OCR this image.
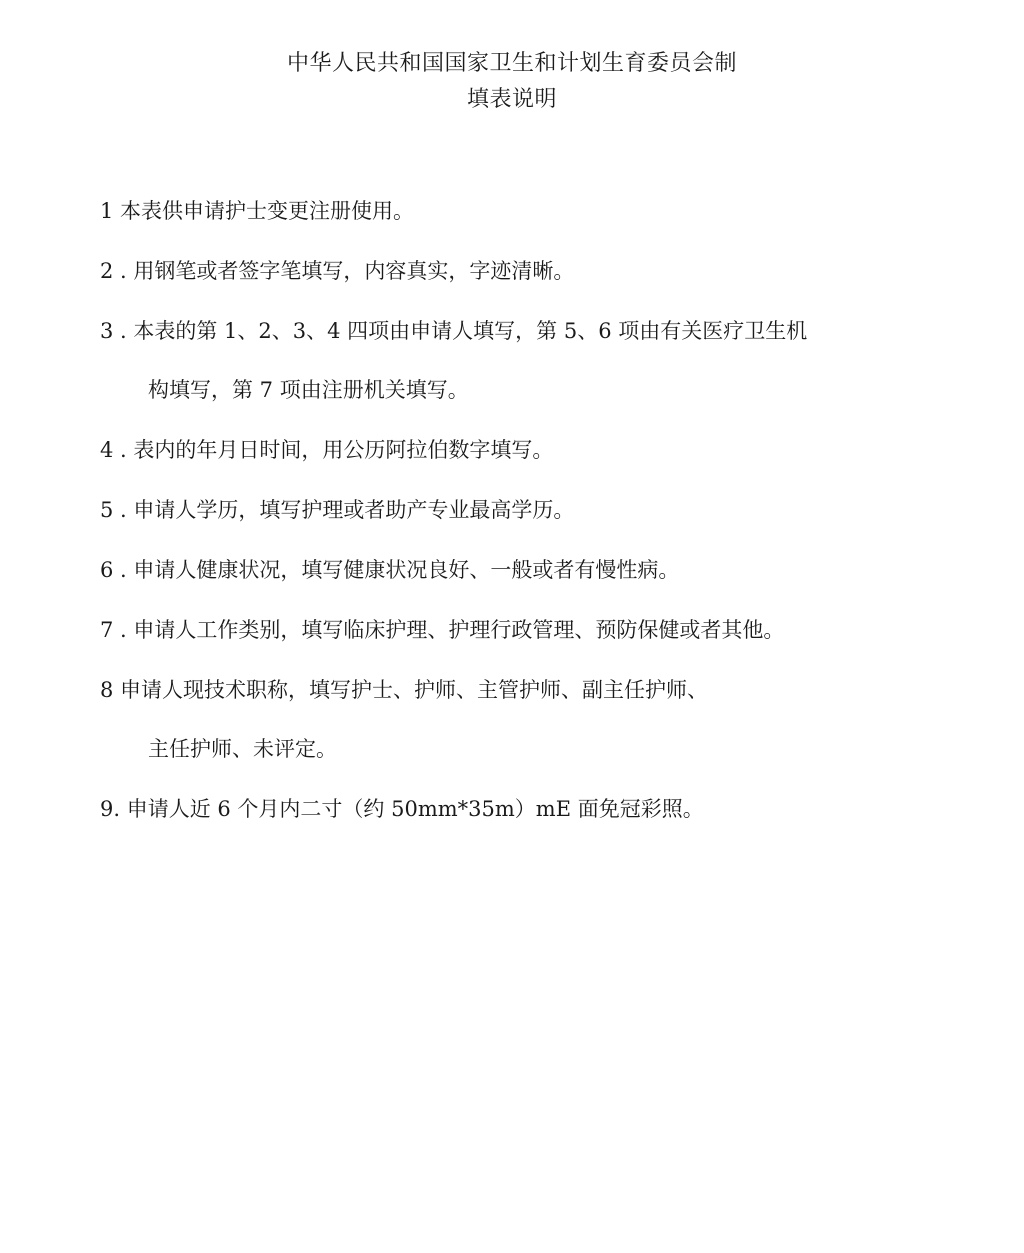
中华人民共和国国家卫生和计划生育委员会制
填表说明
1 本表供申请护士变更注册使用。
2 . 用钢笔或者签字笔填写，内容真实，字迹清晰。
3 . 本表的第 1、2、3、4 四项由申请人填写，第 5、6 项由有关医疗卫生机
构填写，第 7 项由注册机关填写。
4 . 表内的年月日时间，用公历阿拉伯数字填写。
5 . 申请人学历，填写护理或者助产专业最高学历。
6 . 申请人健康状况，填写健康状况良好、一般或者有慢性病。
7 . 申请人工作类别，填写临床护理、护理行政管理、预防保健或者其他。
8 申请人现技术职称，填写护士、护师、主管护师、副主任护师、
主任护师、未评定。
9. 申请人近 6 个月内二寸（约 50mm*35m）mE 面免冠彩照。
